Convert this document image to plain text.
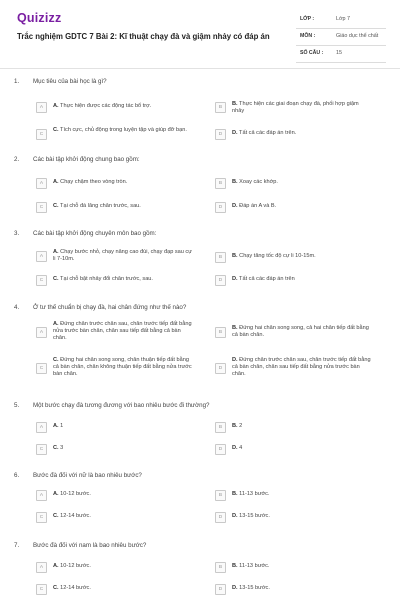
Quizizz
Trắc nghiệm GDTC 7 Bài 2: Kĩ thuật chạy đà và giậm nhảy có đáp án
LỚP :	Lớp 7
MÔN :	Giáo dục thể chất
SỐ CÂU : 15
1. Mục tiêu của bài học là gì?
A	A. Thực hiện được các động tác bổ trợ.	B
B. Thực hiện các giai đoạn chạy đà, phối hợp giậm nhảy
C
C. Tích cực, chủ động trong luyện tập và giúp đỡ bạn.
D	D. Tất cả các đáp án trên.
2. Các bài tập khởi động chung bao gồm:
A	A. Chạy chậm theo vòng tròn.	B	B. Xoay các khớp.
C	C. Tại chỗ đá lăng chân trước, sau.	D	D. Đáp án A và B.
3. Các bài tập khởi động chuyên môn bao gồm:
A
A. Chạy bước nhỏ, chạy nâng cao đùi, chạy đạp sau cự li 7-10m.	B	B. Chạy tăng tốc độ cự li 10-15m.
C	C. Tại chỗ bật nhảy đổi chân trước, sau.	D	D. Tất cả các đáp án trên
4. Ở tư thế chuẩn bị chạy đà, hai chân đứng như thế nào?
A
A. Đứng chân trước chân sau, chân trước tiếp đất bằng nửa trước bàn chân, chân sau tiếp đất bằng cả bàn chân.
B
B. Đứng hai chân song song, cả hai chân tiếp đất bằng cả bàn chân.
C
C. Đứng hai chân song song, chân thuận tiếp đất bằng cả bàn chân, chân không thuận tiếp đất bằng nửa trước bàn chân.
D
D. Đứng chân trước chân sau, chân trước tiếp đất bằng cả bàn chân, chân sau tiếp đất bằng nửa trước bàn chân.
5. Một bước chạy đà tương đương với bao nhiêu bước đi thường?
A	A. 1	B	B. 2
C	C. 3	D	D. 4
6. Bước đà đối với nữ là bao nhiêu bước?
A	A. 10-12 bước.	B	B. 11-13 bước.
C	C. 12-14 bước.	D	D. 13-15 bước.
7. Bước đà đối với nam là bao nhiêu bước?
A	A. 10-12 bước.	B	B. 11-13 bước.
C	C. 12-14 bước.	D	D. 13-15 bước.
